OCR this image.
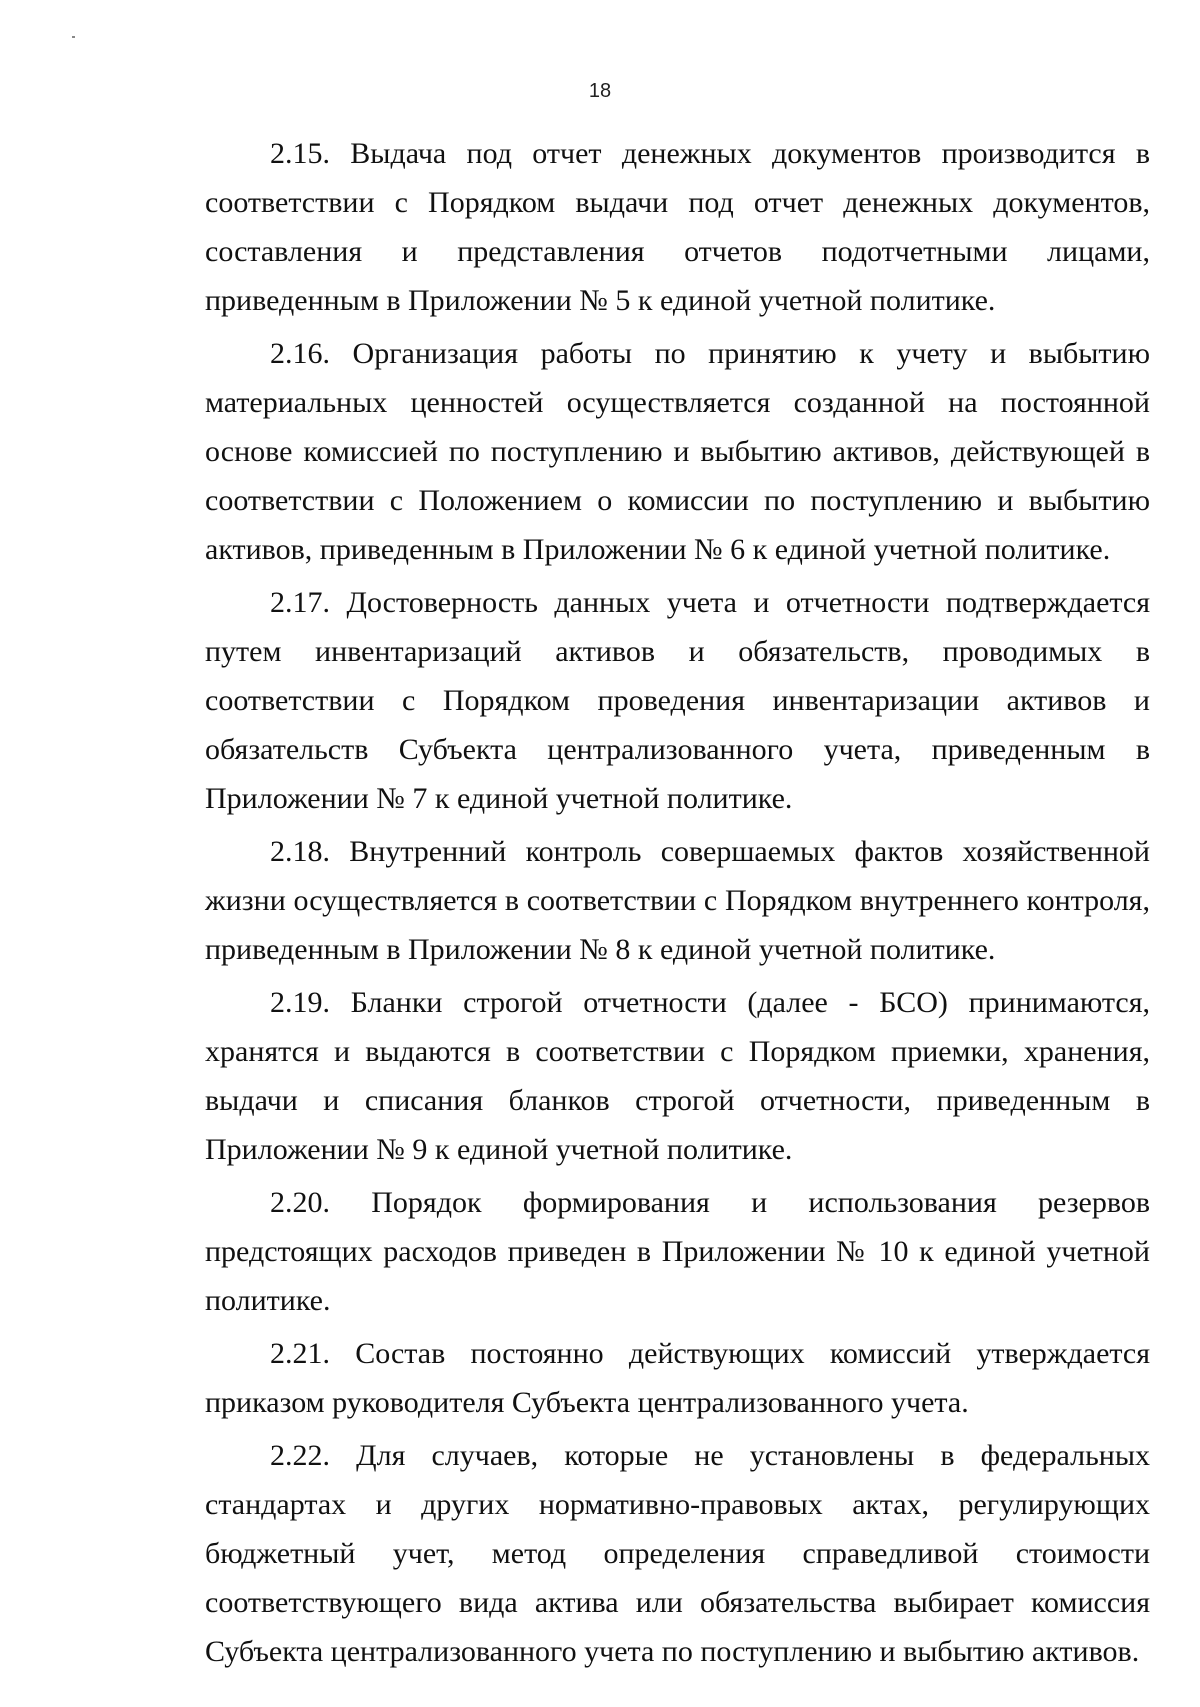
18

2.15. Выдача под отчет денежных документов производится в соответствии с Порядком выдачи под отчет денежных документов, составления и представления отчетов подотчетными лицами, приведенным в Приложении № 5 к единой учетной политике.

2.16. Организация работы по принятию к учету и выбытию материальных ценностей осуществляется созданной на постоянной основе комиссией по поступлению и выбытию активов, действующей в соответствии с Положением о комиссии по поступлению и выбытию активов, приведенным в Приложении № 6 к единой учетной политике.

2.17. Достоверность данных учета и отчетности подтверждается путем инвентаризаций активов и обязательств, проводимых в соответствии с Порядком проведения инвентаризации активов и обязательств Субъекта централизованного учета, приведенным в Приложении № 7 к единой учетной политике.

2.18. Внутренний контроль совершаемых фактов хозяйственной жизни осуществляется в соответствии с Порядком внутреннего контроля, приведенным в Приложении № 8 к единой учетной политике.

2.19. Бланки строгой отчетности (далее - БСО) принимаются, хранятся и выдаются в соответствии с Порядком приемки, хранения, выдачи и списания бланков строгой отчетности, приведенным в Приложении № 9 к единой учетной политике.

2.20. Порядок формирования и использования резервов предстоящих расходов приведен в Приложении № 10 к единой учетной политике.

2.21. Состав постоянно действующих комиссий утверждается приказом руководителя Субъекта централизованного учета.

2.22. Для случаев, которые не установлены в федеральных стандартах и других нормативно-правовых актах, регулирующих бюджетный учет, метод определения справедливой стоимости соответствующего вида актива или обязательства выбирает комиссия Субъекта централизованного учета по поступлению и выбытию активов.
